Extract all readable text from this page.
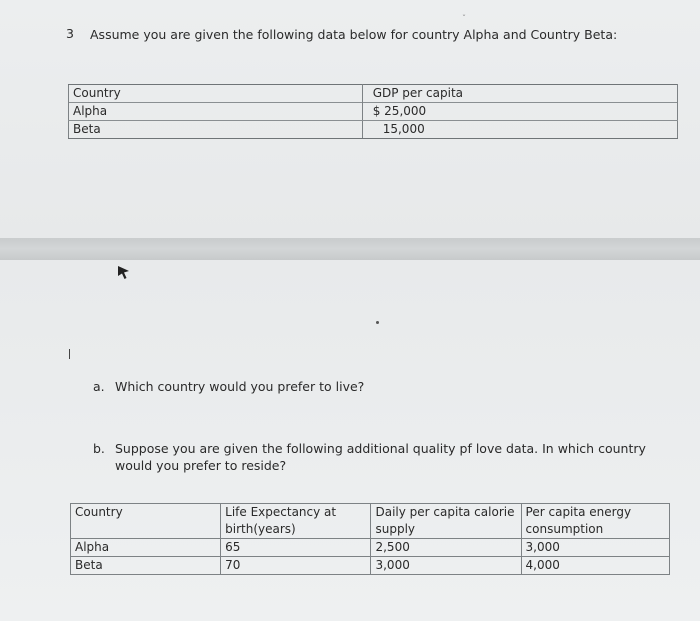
ˇ
3 Assume you are given the following data below for country Alpha and Country Beta:
Country	GDP per capita
Alpha	$ 25,000
Beta	15,000
a. Which country would you prefer to live?
b. Suppose you are given the following additional quality pf love data. In which country would you prefer to reside?
Country	Life Expectancy at birth(years)	Daily per capita calorie supply	Per capita energy consumption
Alpha	65	2,500	3,000
Beta	70	3,000	4,000
